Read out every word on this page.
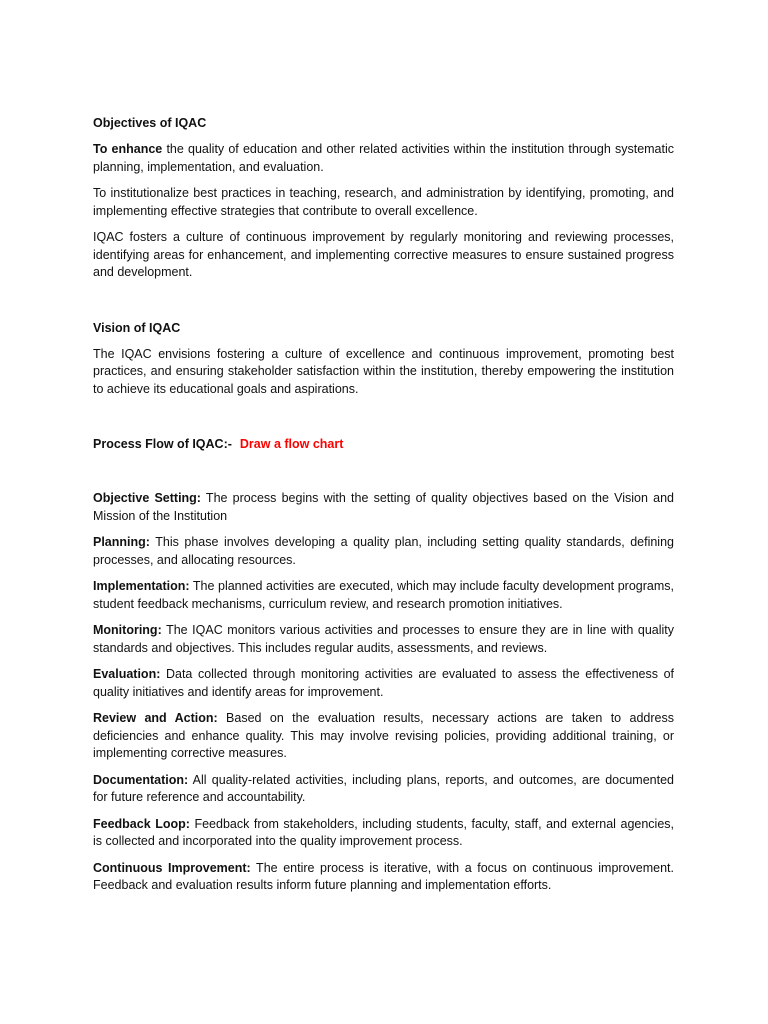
Objectives of IQAC

To enhance the quality of education and other related activities within the institution through systematic planning, implementation, and evaluation.

To institutionalize best practices in teaching, research, and administration by identifying, promoting, and implementing effective strategies that contribute to overall excellence.

IQAC fosters a culture of continuous improvement by regularly monitoring and reviewing processes, identifying areas for enhancement, and implementing corrective measures to ensure sustained progress and development.

Vision of IQAC

The IQAC envisions fostering a culture of excellence and continuous improvement, promoting best practices, and ensuring stakeholder satisfaction within the institution, thereby empowering the institution to achieve its educational goals and aspirations.

Process Flow of IQAC:- Draw a flow chart

Objective Setting: The process begins with the setting of quality objectives based on the Vision and Mission of the Institution

Planning: This phase involves developing a quality plan, including setting quality standards, defining processes, and allocating resources.

Implementation: The planned activities are executed, which may include faculty development programs, student feedback mechanisms, curriculum review, and research promotion initiatives.

Monitoring: The IQAC monitors various activities and processes to ensure they are in line with quality standards and objectives. This includes regular audits, assessments, and reviews.

Evaluation: Data collected through monitoring activities are evaluated to assess the effectiveness of quality initiatives and identify areas for improvement.

Review and Action: Based on the evaluation results, necessary actions are taken to address deficiencies and enhance quality. This may involve revising policies, providing additional training, or implementing corrective measures.

Documentation: All quality-related activities, including plans, reports, and outcomes, are documented for future reference and accountability.

Feedback Loop: Feedback from stakeholders, including students, faculty, staff, and external agencies, is collected and incorporated into the quality improvement process.

Continuous Improvement: The entire process is iterative, with a focus on continuous improvement. Feedback and evaluation results inform future planning and implementation efforts.
